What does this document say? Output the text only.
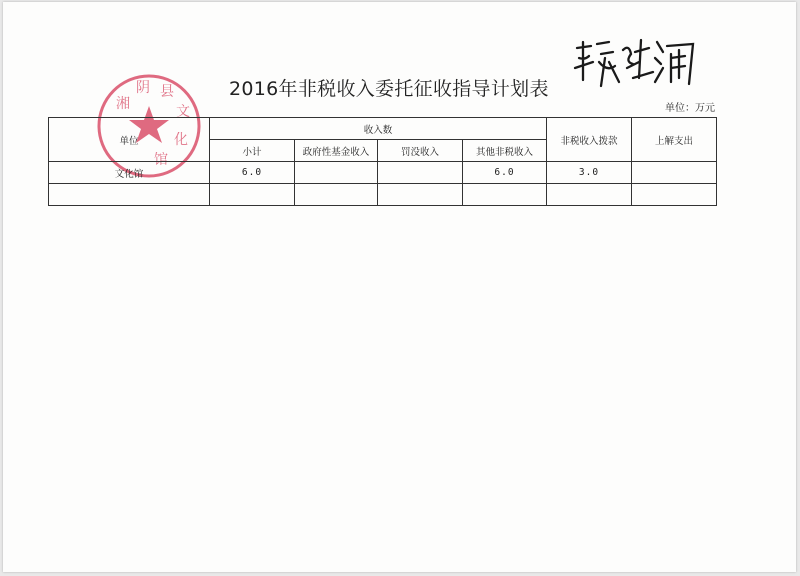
湘
阴 县
文
化
馆
2016年非税收入委托征收指导计划表
单位：万元
单位	收入数				非税收入拨款	上解支出
	小计	政府性基金收入	罚没收入	其他非税收入		
文化馆	6.0			6.0	3.0	
